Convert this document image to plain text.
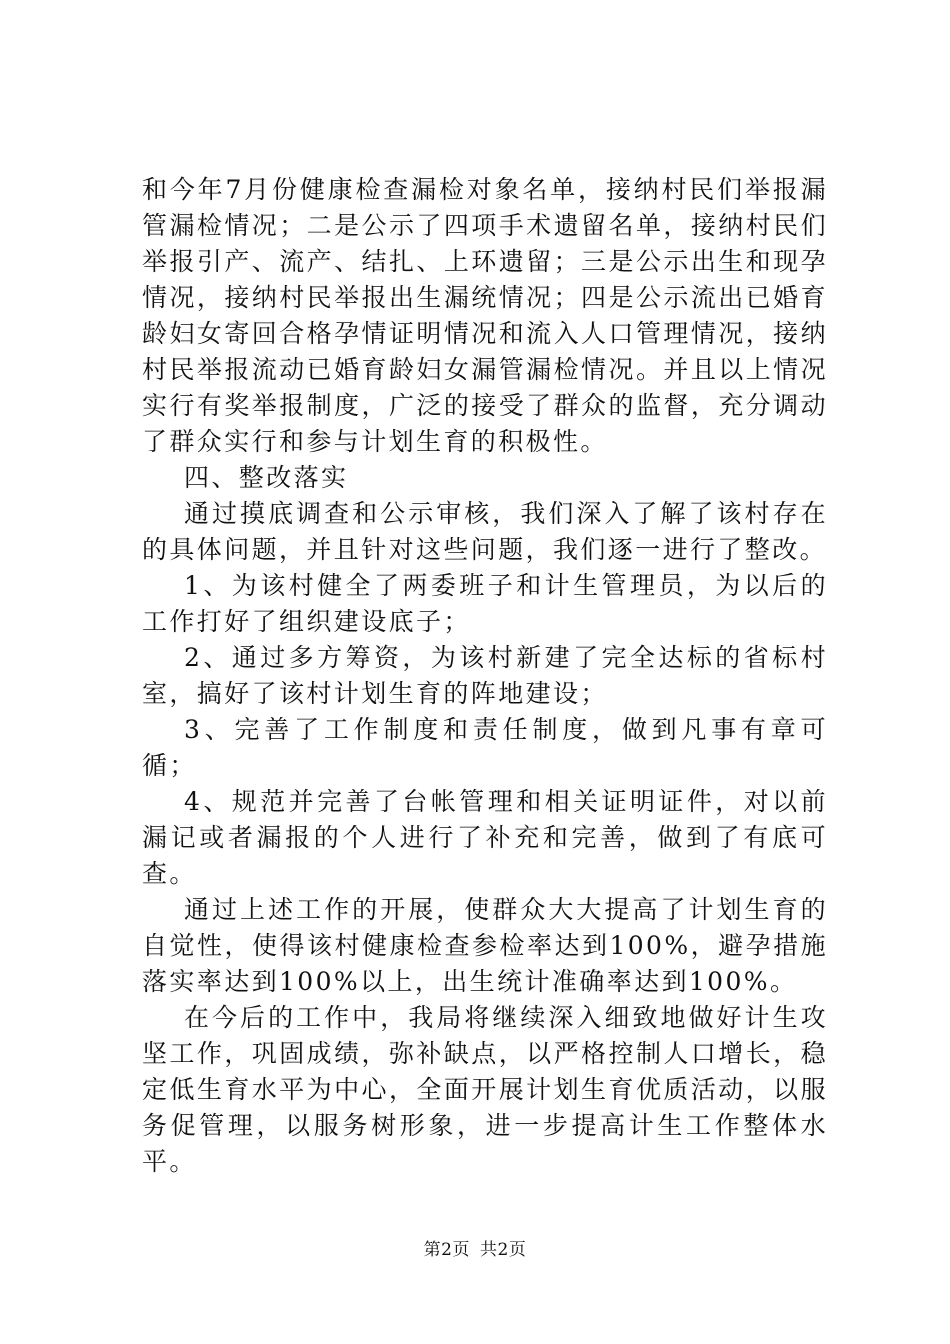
和今年7月份健康检查漏检对象名单，接纳村民们举报漏管漏检情况；二是公示了四项手术遗留名单，接纳村民们举报引产、流产、结扎、上环遗留；三是公示出生和现孕情况，接纳村民举报出生漏统情况；四是公示流出已婚育龄妇女寄回合格孕情证明情况和流入人口管理情况，接纳村民举报流动已婚育龄妇女漏管漏检情况。并且以上情况实行有奖举报制度，广泛的接受了群众的监督，充分调动了群众实行和参与计划生育的积极性。

四、整改落实

通过摸底调查和公示审核，我们深入了解了该村存在的具体问题，并且针对这些问题，我们逐一进行了整改。

1、为该村健全了两委班子和计生管理员，为以后的工作打好了组织建设底子；

2、通过多方筹资，为该村新建了完全达标的省标村室，搞好了该村计划生育的阵地建设；

3、完善了工作制度和责任制度，做到凡事有章可循；

4、规范并完善了台帐管理和相关证明证件，对以前漏记或者漏报的个人进行了补充和完善，做到了有底可查。

通过上述工作的开展，使群众大大提高了计划生育的自觉性，使得该村健康检查参检率达到100%，避孕措施落实率达到100%以上，出生统计准确率达到100%。

在今后的工作中，我局将继续深入细致地做好计生攻坚工作，巩固成绩，弥补缺点，以严格控制人口增长，稳定低生育水平为中心，全面开展计划生育优质活动，以服务促管理，以服务树形象，进一步提高计生工作整体水平。

第2页 共2页
